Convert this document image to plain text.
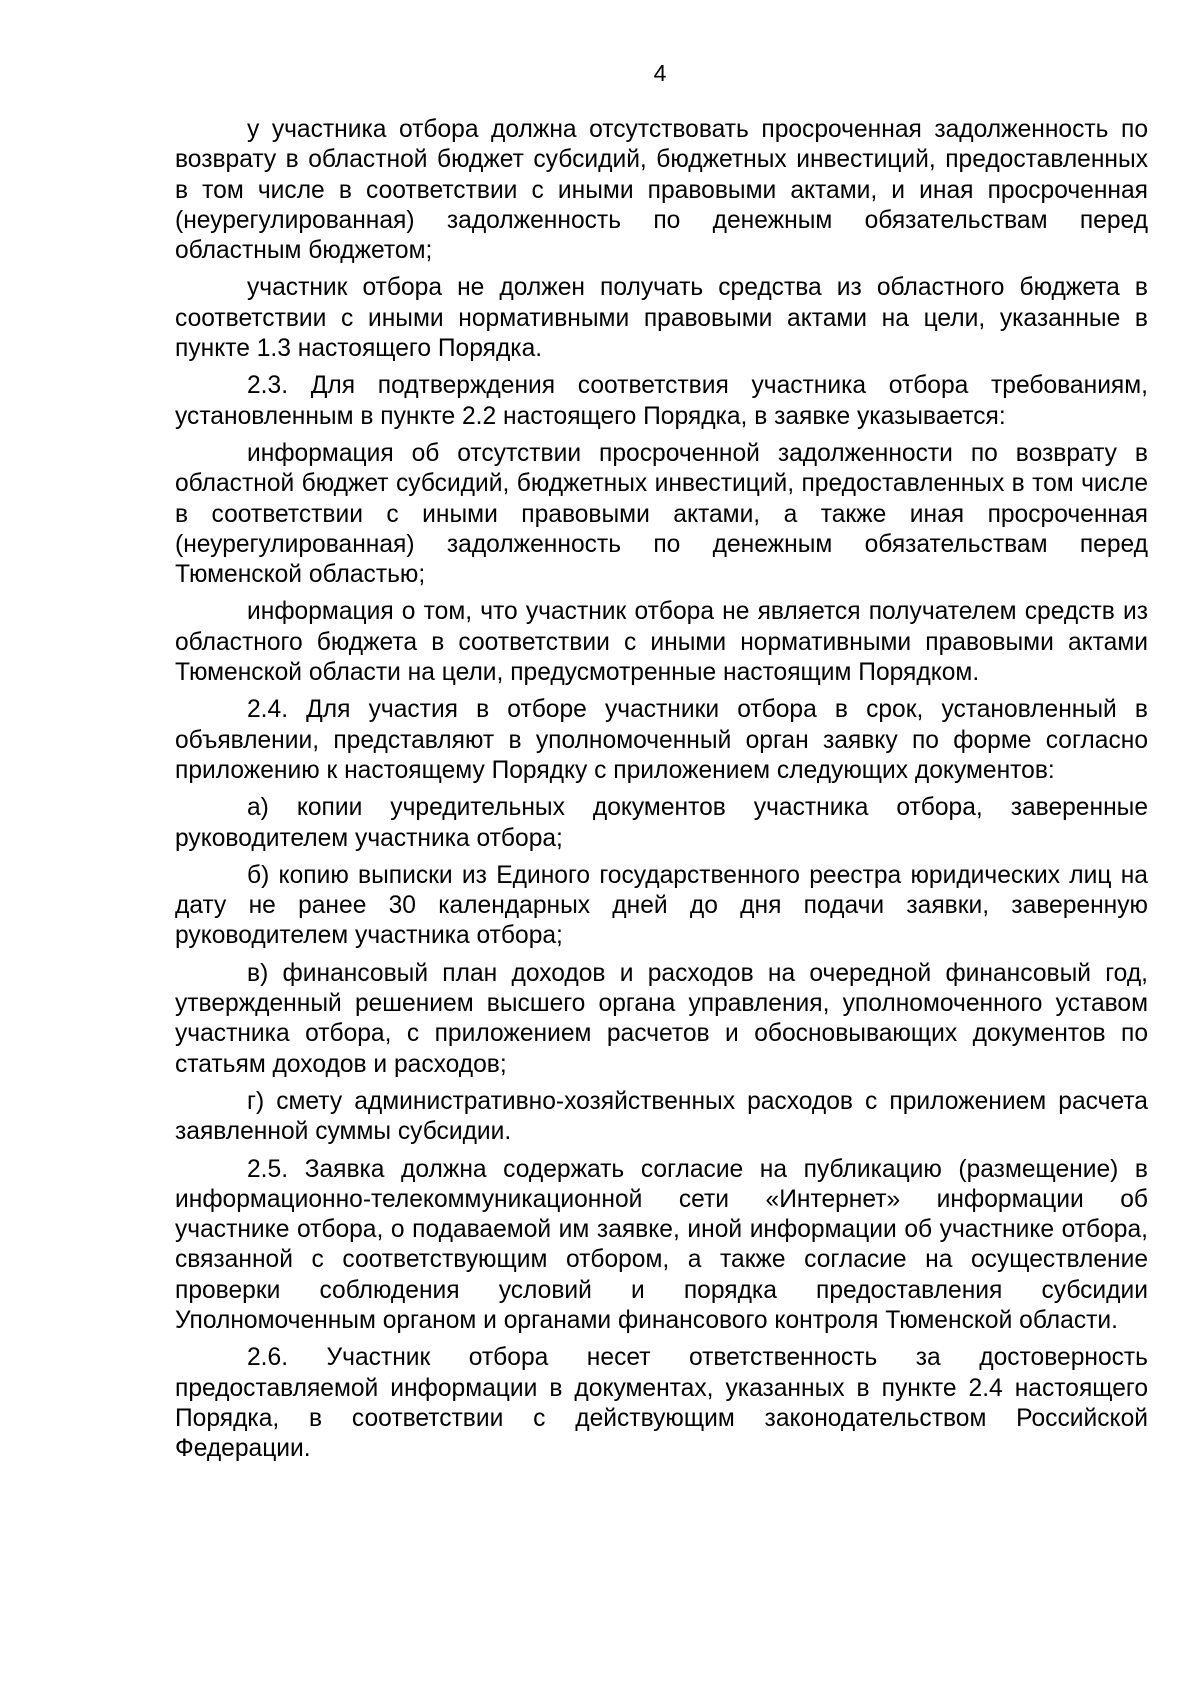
4

у участника отбора должна отсутствовать просроченная задолженность по возврату в областной бюджет субсидий, бюджетных инвестиций, предоставленных в том числе в соответствии с иными правовыми актами, и иная просроченная (неурегулированная) задолженность по денежным обязательствам перед областным бюджетом;

участник отбора не должен получать средства из областного бюджета в соответствии с иными нормативными правовыми актами на цели, указанные в пункте 1.3 настоящего Порядка.

2.3. Для подтверждения соответствия участника отбора требованиям, установленным в пункте 2.2 настоящего Порядка, в заявке указывается:

информация об отсутствии просроченной задолженности по возврату в областной бюджет субсидий, бюджетных инвестиций, предоставленных в том числе в соответствии с иными правовыми актами, а также иная просроченная (неурегулированная) задолженность по денежным обязательствам перед Тюменской областью;

информация о том, что участник отбора не является получателем средств из областного бюджета в соответствии с иными нормативными правовыми актами Тюменской области на цели, предусмотренные настоящим Порядком.

2.4. Для участия в отборе участники отбора в срок, установленный в объявлении, представляют в уполномоченный орган заявку по форме согласно приложению к настоящему Порядку с приложением следующих документов:

а) копии учредительных документов участника отбора, заверенные руководителем участника отбора;

б) копию выписки из Единого государственного реестра юридических лиц на дату не ранее 30 календарных дней до дня подачи заявки, заверенную руководителем участника отбора;

в) финансовый план доходов и расходов на очередной финансовый год, утвержденный решением высшего органа управления, уполномоченного уставом участника отбора, с приложением расчетов и обосновывающих документов по статьям доходов и расходов;

г) смету административно-хозяйственных расходов с приложением расчета заявленной суммы субсидии.

2.5. Заявка должна содержать согласие на публикацию (размещение) в информационно-телекоммуникационной сети «Интернет» информации об участнике отбора, о подаваемой им заявке, иной информации об участнике отбора, связанной с соответствующим отбором, а также согласие на осуществление проверки соблюдения условий и порядка предоставления субсидии Уполномоченным органом и органами финансового контроля Тюменской области.

2.6. Участник отбора несет ответственность за достоверность предоставляемой информации в документах, указанных в пункте 2.4 настоящего Порядка, в соответствии с действующим законодательством Российской Федерации.
